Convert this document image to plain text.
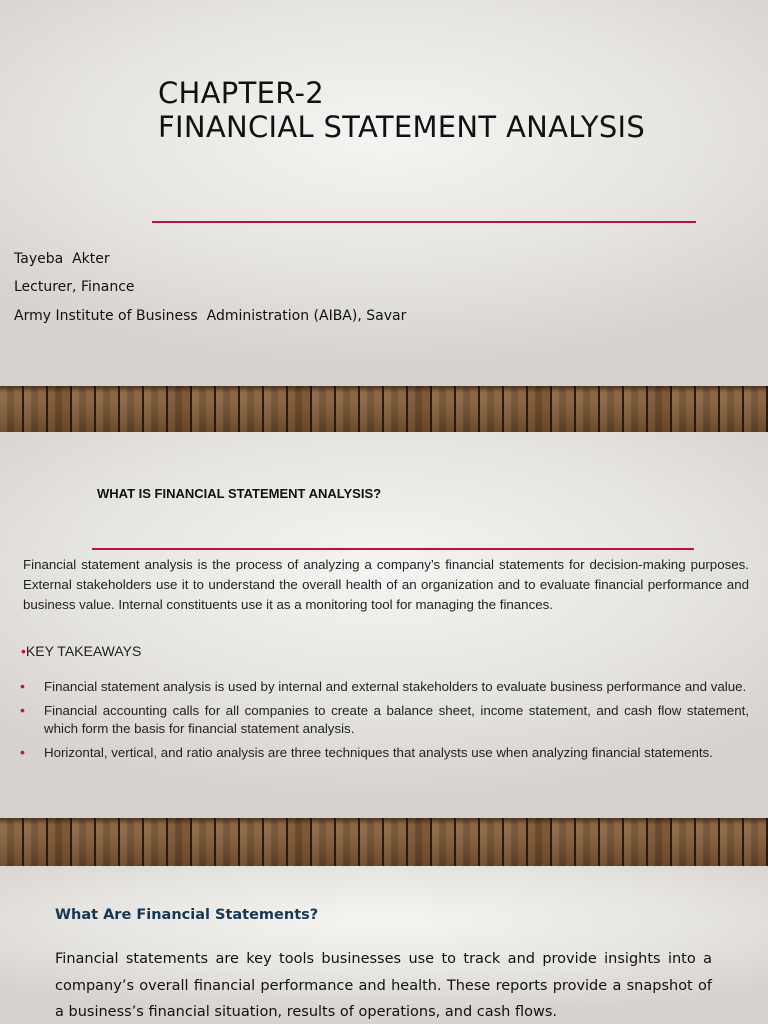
CHAPTER-2
FINANCIAL STATEMENT ANALYSIS
Tayeba  Akter
Lecturer, Finance
Army Institute of Business  Administration (AIBA), Savar
WHAT IS FINANCIAL STATEMENT ANALYSIS?

Financial statement analysis is the process of analyzing a company’s financial statements for decision-making purposes. External stakeholders use it to understand the overall health of an organization and to evaluate financial performance and business value. Internal constituents use it as a monitoring tool for managing the finances.

•KEY TAKEAWAYS
• Financial statement analysis is used by internal and external stakeholders to evaluate business performance and value.
• Financial accounting calls for all companies to create a balance sheet, income statement, and cash flow statement, which form the basis for financial statement analysis.
• Horizontal, vertical, and ratio analysis are three techniques that analysts use when analyzing financial statements.
What Are Financial Statements?

Financial statements are key tools businesses use to track and provide insights into a company’s overall financial performance and health. These reports provide a snapshot of a business’s financial situation, results of operations, and cash flows.
